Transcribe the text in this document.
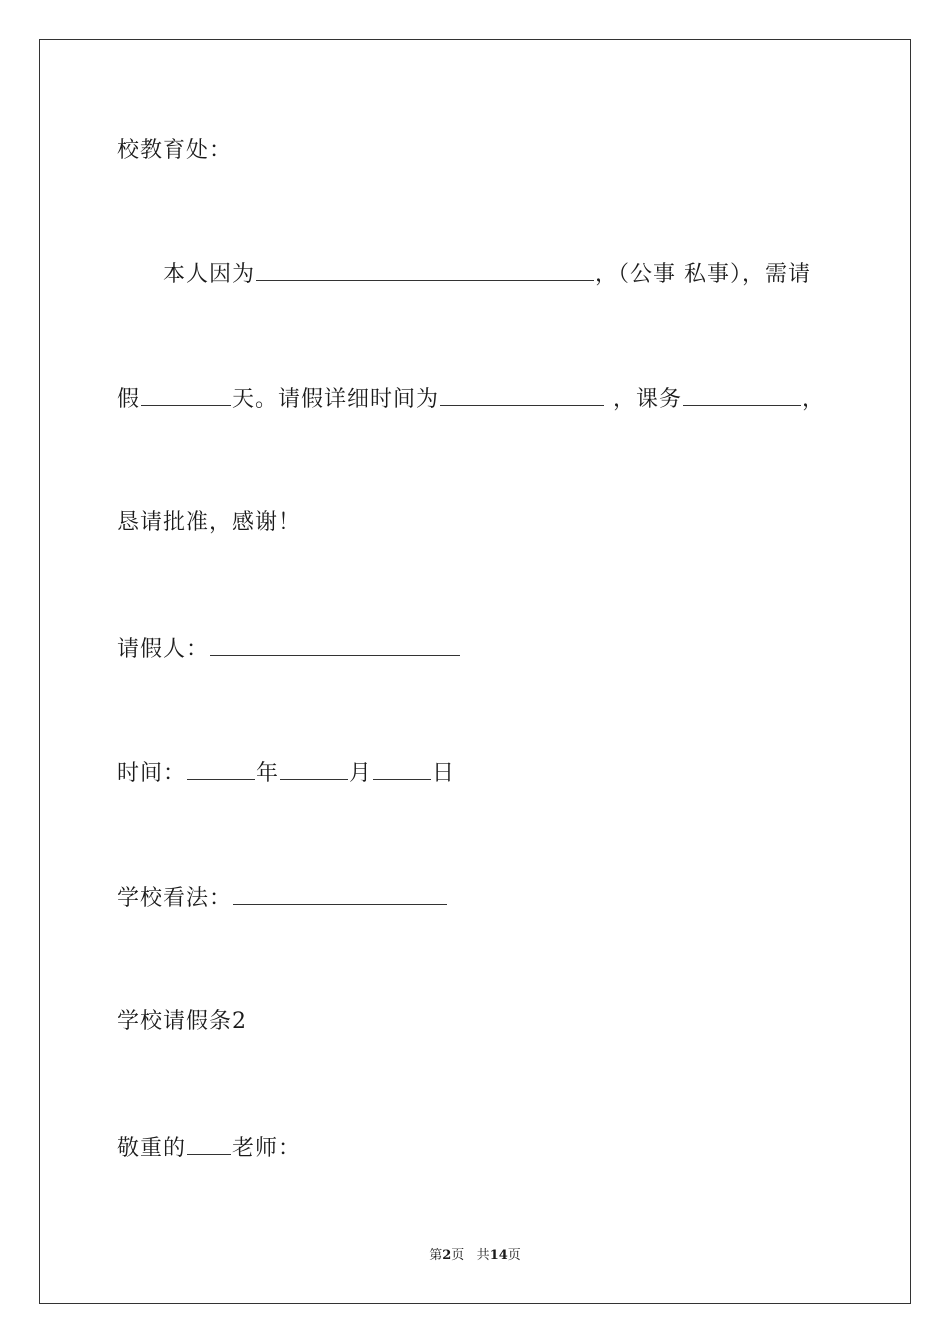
校教育处：
本人因为	，（公事 私事），需请
假	天。请假详细时间为	，课务	，
恳请批准，感谢！
请假人：
时间：	年	月	日
学校看法：
学校请假条2
敬重的 老师：
第2页 共14页
